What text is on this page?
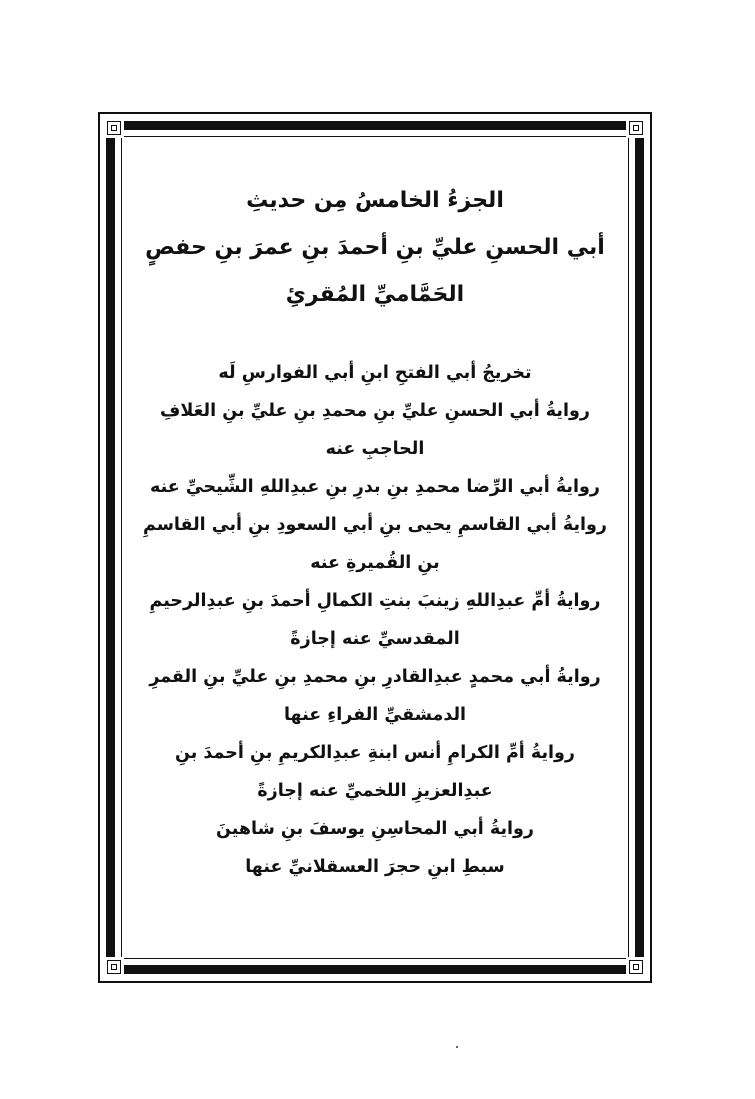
الجزءُ الخامسُ مِن حديثِ
أبي الحسنِ عليِّ بنِ أحمدَ بنِ عمرَ بنِ حفصٍ
الحَمَّاميِّ المُقرئِ
تخريجُ أبي الفتحِ ابنِ أبي الفوارسِ لَه
روايةُ أبي الحسنِ عليِّ بنِ محمدِ بنِ عليِّ بنِ العَلافِ
الحاجبِ عنه
روايةُ أبي الرِّضا محمدِ بنِ بدرِ بنِ عبدِاللهِ الشِّيحيِّ عنه
روايةُ أبي القاسمِ يحيى بنِ أبي السعودِ بنِ أبي القاسمِ
بنِ القُميرةِ عنه
روايةُ أمِّ عبدِاللهِ زينبَ بنتِ الكمالِ أحمدَ بنِ عبدِالرحيمِ
المقدسيِّ عنه إجازةً
روايةُ أبي محمدٍ عبدِالقادرِ بنِ محمدِ بنِ عليِّ بنِ القمرِ
الدمشقيِّ الفراءِ عنها
روايةُ أمِّ الكرامِ أنس ابنةِ عبدِالكريمِ بنِ أحمدَ بنِ
عبدِالعزيزِ اللخميِّ عنه إجازةً
روايةُ أبي المحاسِنِ يوسفَ بنِ شاهينَ
سبطِ ابنِ حجرَ العسقلانيِّ عنها
